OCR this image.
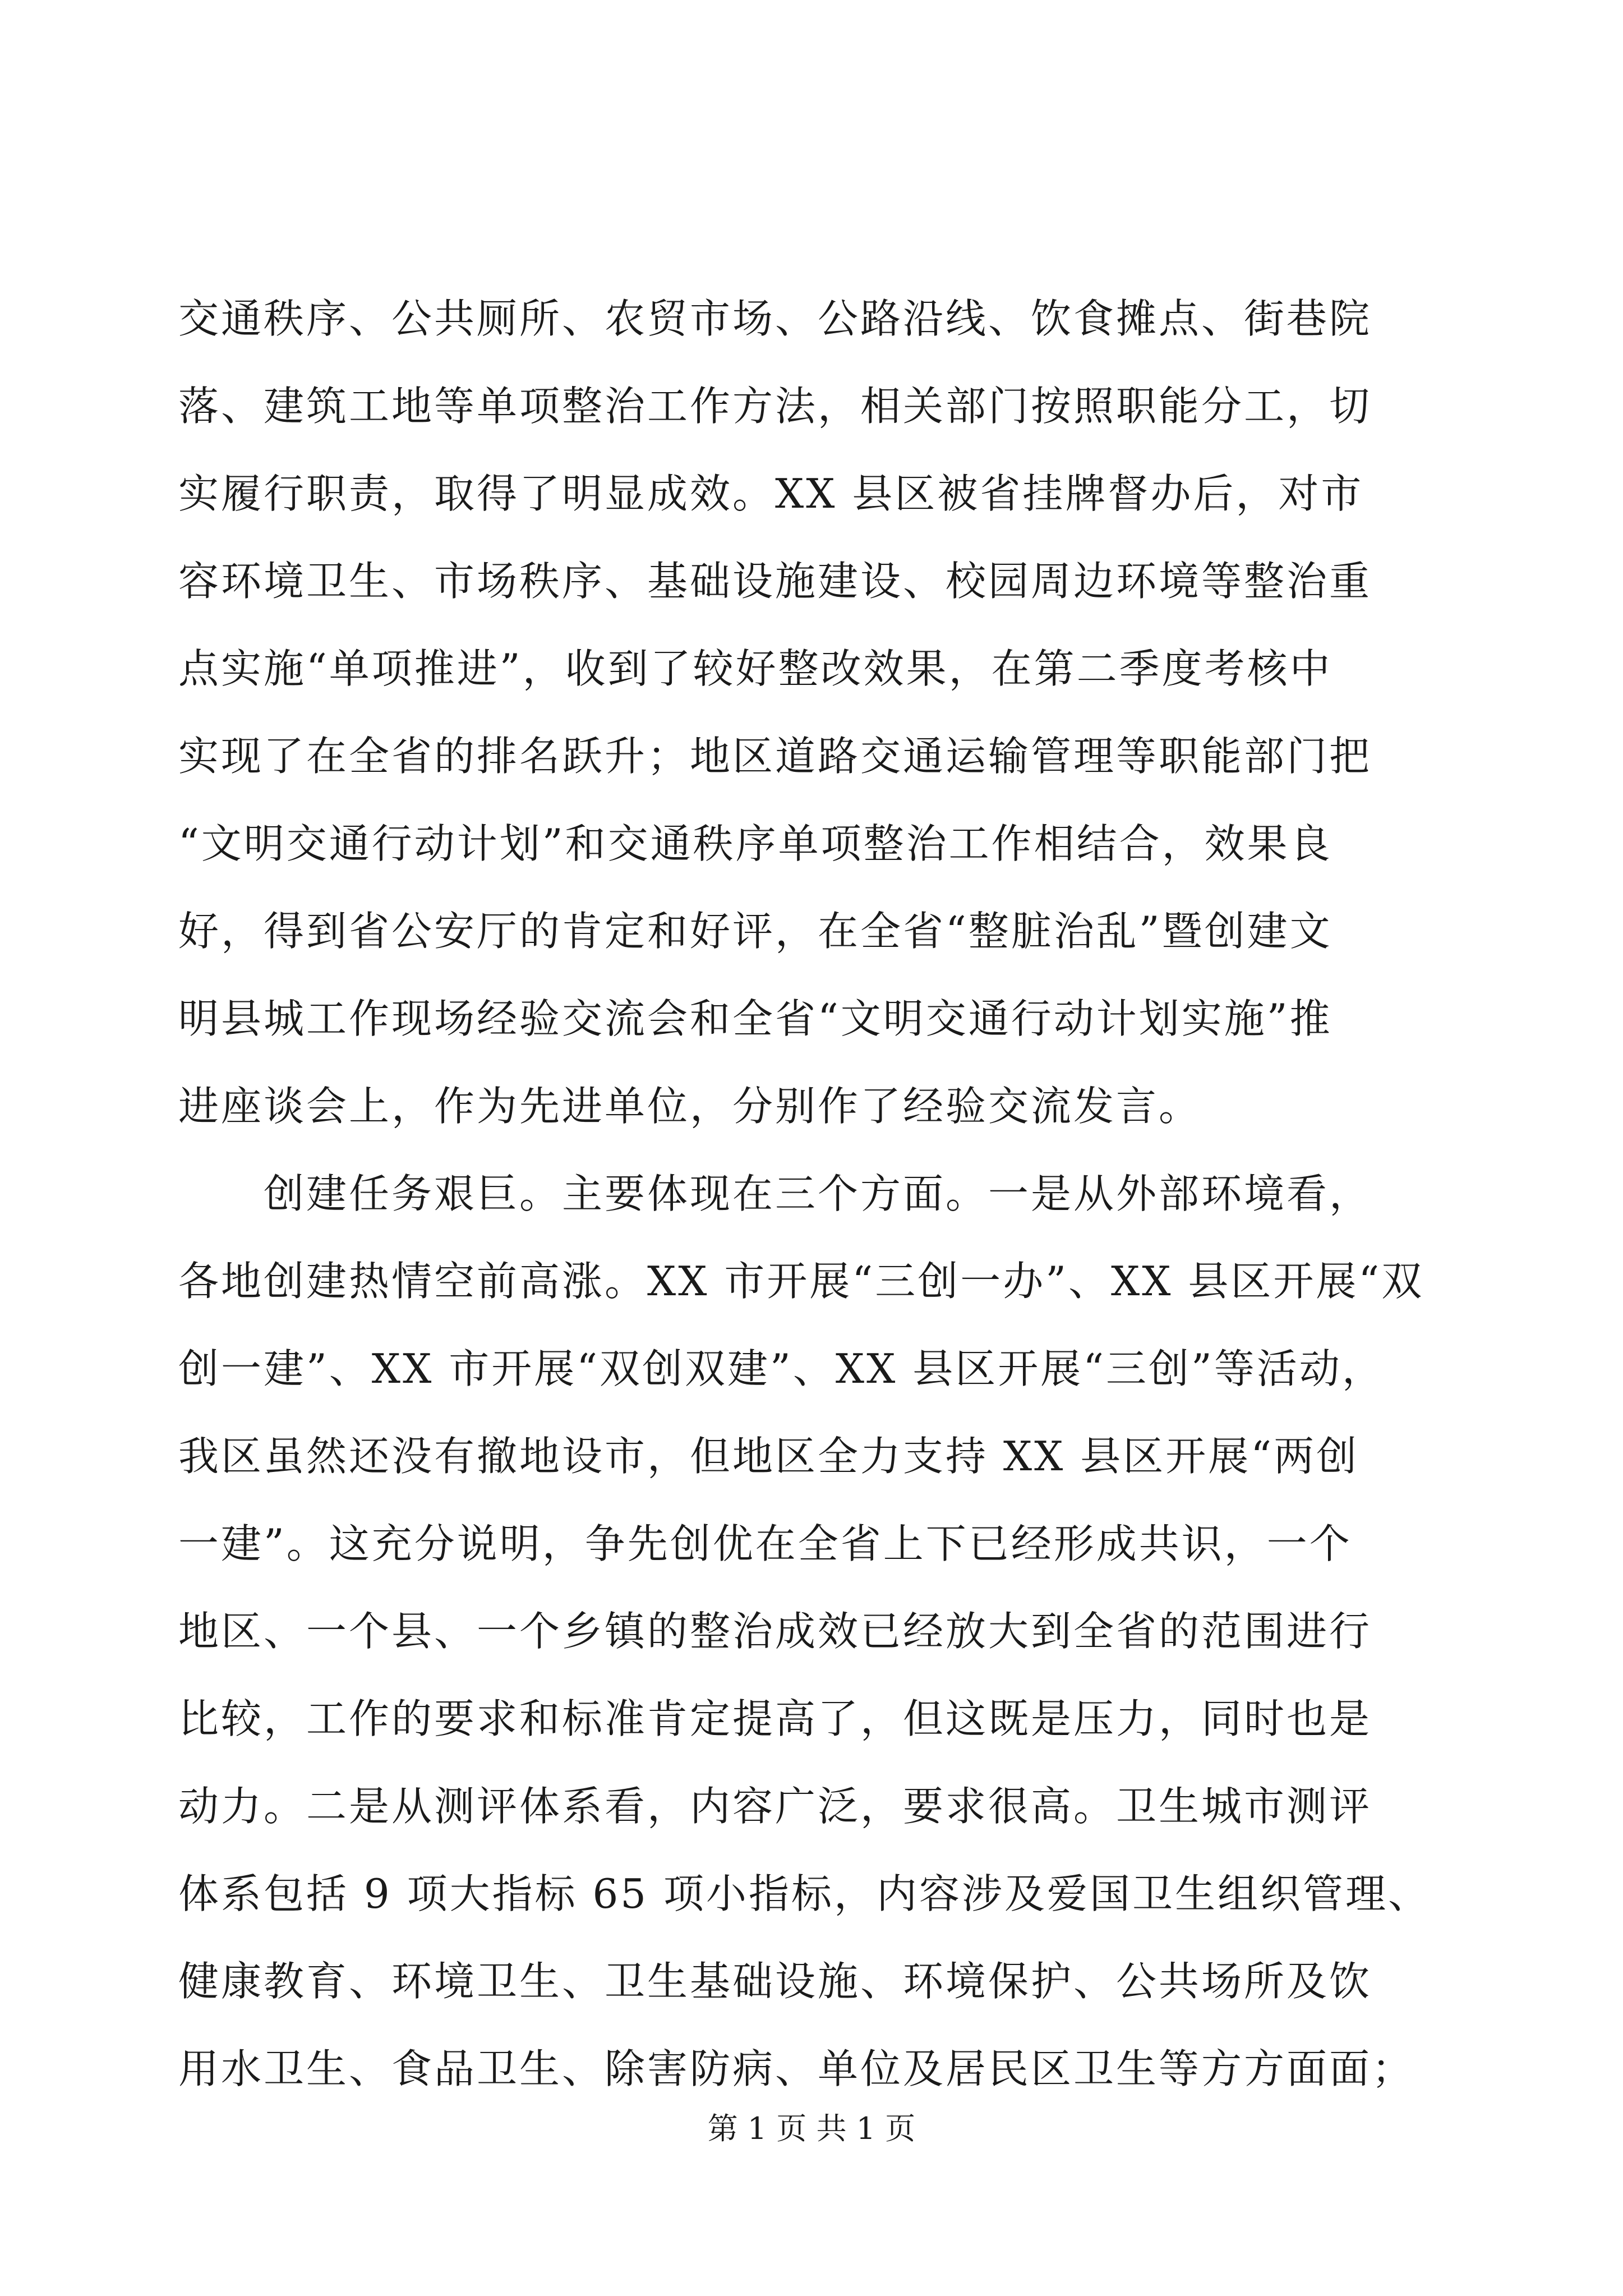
交通秩序、公共厕所、农贸市场、公路沿线、饮食摊点、街巷院
落、建筑工地等单项整治工作方法，相关部门按照职能分工，切
实履行职责，取得了明显成效。XX 县区被省挂牌督办后，对市
容环境卫生、市场秩序、基础设施建设、校园周边环境等整治重
点实施“单项推进”，收到了较好整改效果，在第二季度考核中
实现了在全省的排名跃升；地区道路交通运输管理等职能部门把
“文明交通行动计划”和交通秩序单项整治工作相结合，效果良
好，得到省公安厅的肯定和好评，在全省“整脏治乱”暨创建文
明县城工作现场经验交流会和全省“文明交通行动计划实施”推
进座谈会上，作为先进单位，分别作了经验交流发言。
　　创建任务艰巨。主要体现在三个方面。一是从外部环境看，
各地创建热情空前高涨。XX 市开展“三创一办”、XX 县区开展“双
创一建”、XX 市开展“双创双建”、XX 县区开展“三创”等活动，
我区虽然还没有撤地设市，但地区全力支持 XX 县区开展“两创
一建”。这充分说明，争先创优在全省上下已经形成共识，一个
地区、一个县、一个乡镇的整治成效已经放大到全省的范围进行
比较，工作的要求和标准肯定提高了，但这既是压力，同时也是
动力。二是从测评体系看，内容广泛，要求很高。卫生城市测评
体系包括 9 项大指标 65 项小指标，内容涉及爱国卫生组织管理、
健康教育、环境卫生、卫生基础设施、环境保护、公共场所及饮
用水卫生、食品卫生、除害防病、单位及居民区卫生等方方面面；
第 1 页 共 1 页
